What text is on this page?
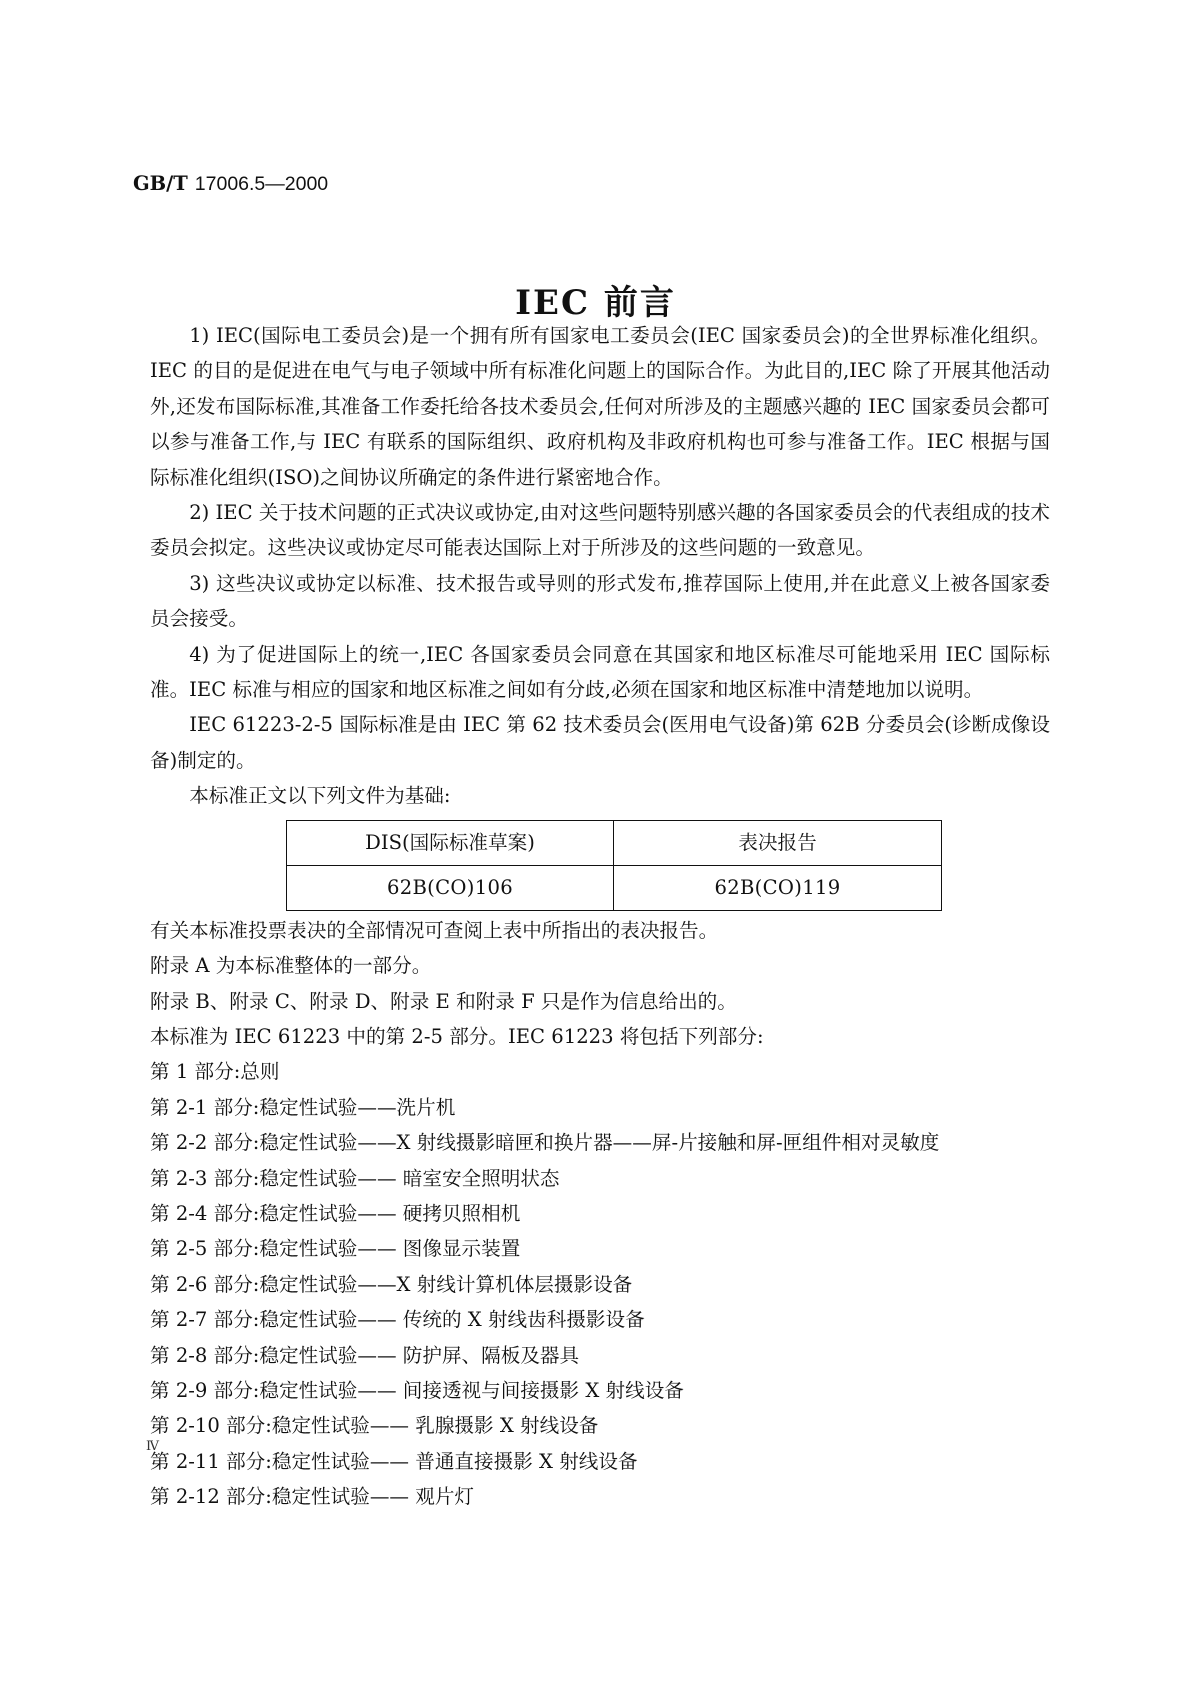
GB/T 17006.5—2000
IEC 前言

1) IEC(国际电工委员会)是一个拥有所有国家电工委员会(IEC 国家委员会)的全世界标准化组织。IEC 的目的是促进在电气与电子领域中所有标准化问题上的国际合作。为此目的,IEC 除了开展其他活动外,还发布国际标准,其准备工作委托给各技术委员会,任何对所涉及的主题感兴趣的 IEC 国家委员会都可以参与准备工作,与 IEC 有联系的国际组织、政府机构及非政府机构也可参与准备工作。IEC 根据与国际标准化组织(ISO)之间协议所确定的条件进行紧密地合作。

2) IEC 关于技术问题的正式决议或协定,由对这些问题特别感兴趣的各国家委员会的代表组成的技术委员会拟定。这些决议或协定尽可能表达国际上对于所涉及的这些问题的一致意见。

3) 这些决议或协定以标准、技术报告或导则的形式发布,推荐国际上使用,并在此意义上被各国家委员会接受。

4) 为了促进国际上的统一,IEC 各国家委员会同意在其国家和地区标准尽可能地采用 IEC 国际标准。IEC 标准与相应的国家和地区标准之间如有分歧,必须在国家和地区标准中清楚地加以说明。

IEC 61223-2-5 国际标准是由 IEC 第 62 技术委员会(医用电气设备)第 62B 分委员会(诊断成像设备)制定的。

本标准正文以下列文件为基础:

DIS(国际标准草案)	表决报告
62B(CO)106	62B(CO)119

有关本标准投票表决的全部情况可查阅上表中所指出的表决报告。

附录 A 为本标准整体的一部分。

附录 B、附录 C、附录 D、附录 E 和附录 F 只是作为信息给出的。

本标准为 IEC 61223 中的第 2-5 部分。IEC 61223 将包括下列部分:

第 1 部分:总则

第 2-1 部分:稳定性试验——洗片机

第 2-2 部分:稳定性试验——X 射线摄影暗匣和换片器——屏-片接触和屏-匣组件相对灵敏度

第 2-3 部分:稳定性试验—— 暗室安全照明状态

第 2-4 部分:稳定性试验—— 硬拷贝照相机

第 2-5 部分:稳定性试验—— 图像显示装置

第 2-6 部分:稳定性试验——X 射线计算机体层摄影设备

第 2-7 部分:稳定性试验—— 传统的 X 射线齿科摄影设备

第 2-8 部分:稳定性试验—— 防护屏、隔板及器具

第 2-9 部分:稳定性试验—— 间接透视与间接摄影 X 射线设备

第 2-10 部分:稳定性试验—— 乳腺摄影 X 射线设备

第 2-11 部分:稳定性试验—— 普通直接摄影 X 射线设备

第 2-12 部分:稳定性试验—— 观片灯

Ⅳ
